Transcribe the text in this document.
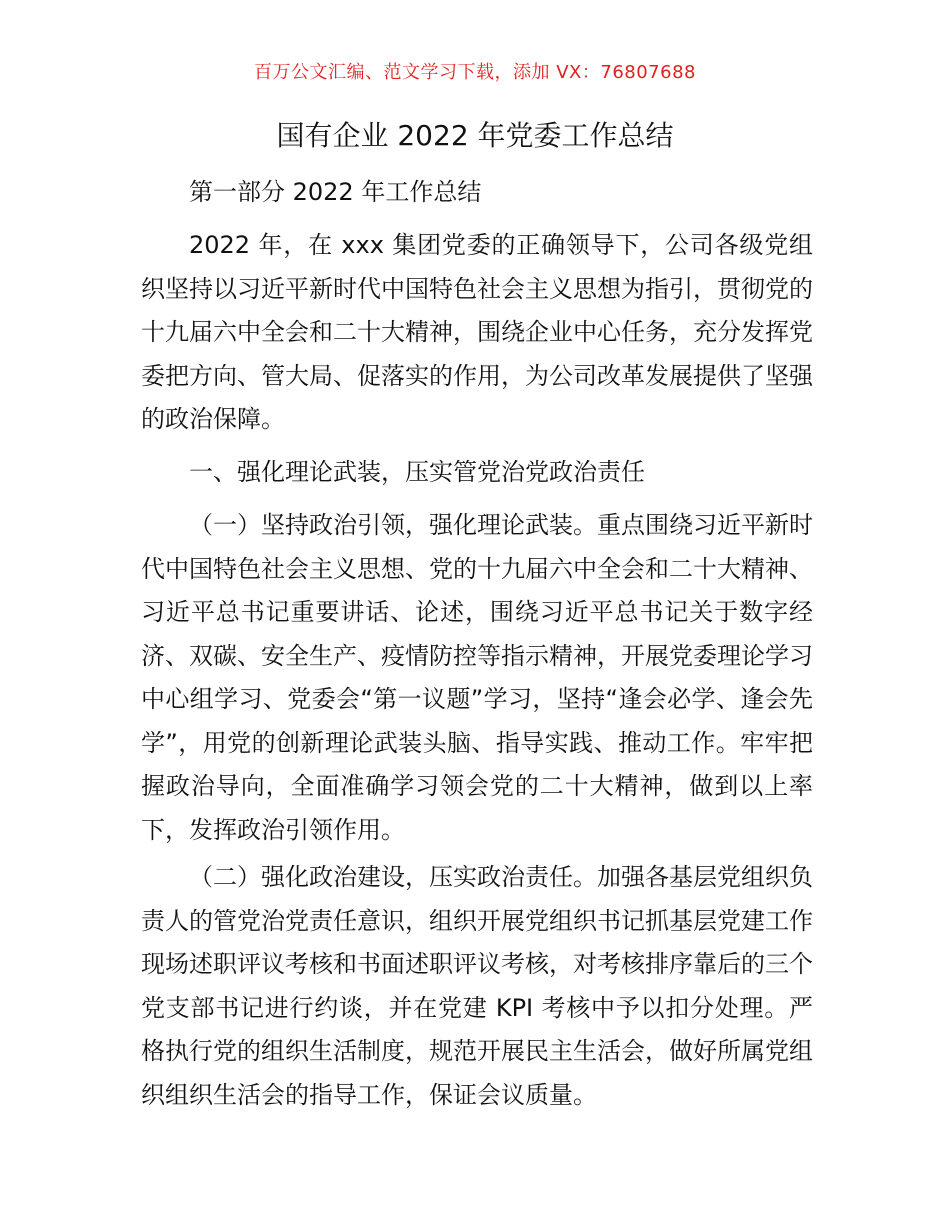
百万公文汇编、范文学习下载，添加 VX：76807688
国有企业 2022 年党委工作总结
第一部分 2022 年工作总结

2022 年，在 xxx 集团党委的正确领导下，公司各级党组织坚持以习近平新时代中国特色社会主义思想为指引，贯彻党的十九届六中全会和二十大精神，围绕企业中心任务，充分发挥党委把方向、管大局、促落实的作用，为公司改革发展提供了坚强的政治保障。

一、强化理论武装，压实管党治党政治责任

（一）坚持政治引领，强化理论武装。重点围绕习近平新时代中国特色社会主义思想、党的十九届六中全会和二十大精神、习近平总书记重要讲话、论述，围绕习近平总书记关于数字经济、双碳、安全生产、疫情防控等指示精神，开展党委理论学习中心组学习、党委会“第一议题”学习，坚持“逢会必学、逢会先学”，用党的创新理论武装头脑、指导实践、推动工作。牢牢把握政治导向，全面准确学习领会党的二十大精神，做到以上率下，发挥政治引领作用。

（二）强化政治建设，压实政治责任。加强各基层党组织负责人的管党治党责任意识，组织开展党组织书记抓基层党建工作现场述职评议考核和书面述职评议考核，对考核排序靠后的三个党支部书记进行约谈，并在党建 KPI 考核中予以扣分处理。严格执行党的组织生活制度，规范开展民主生活会，做好所属党组织组织生活会的指导工作，保证会议质量。
